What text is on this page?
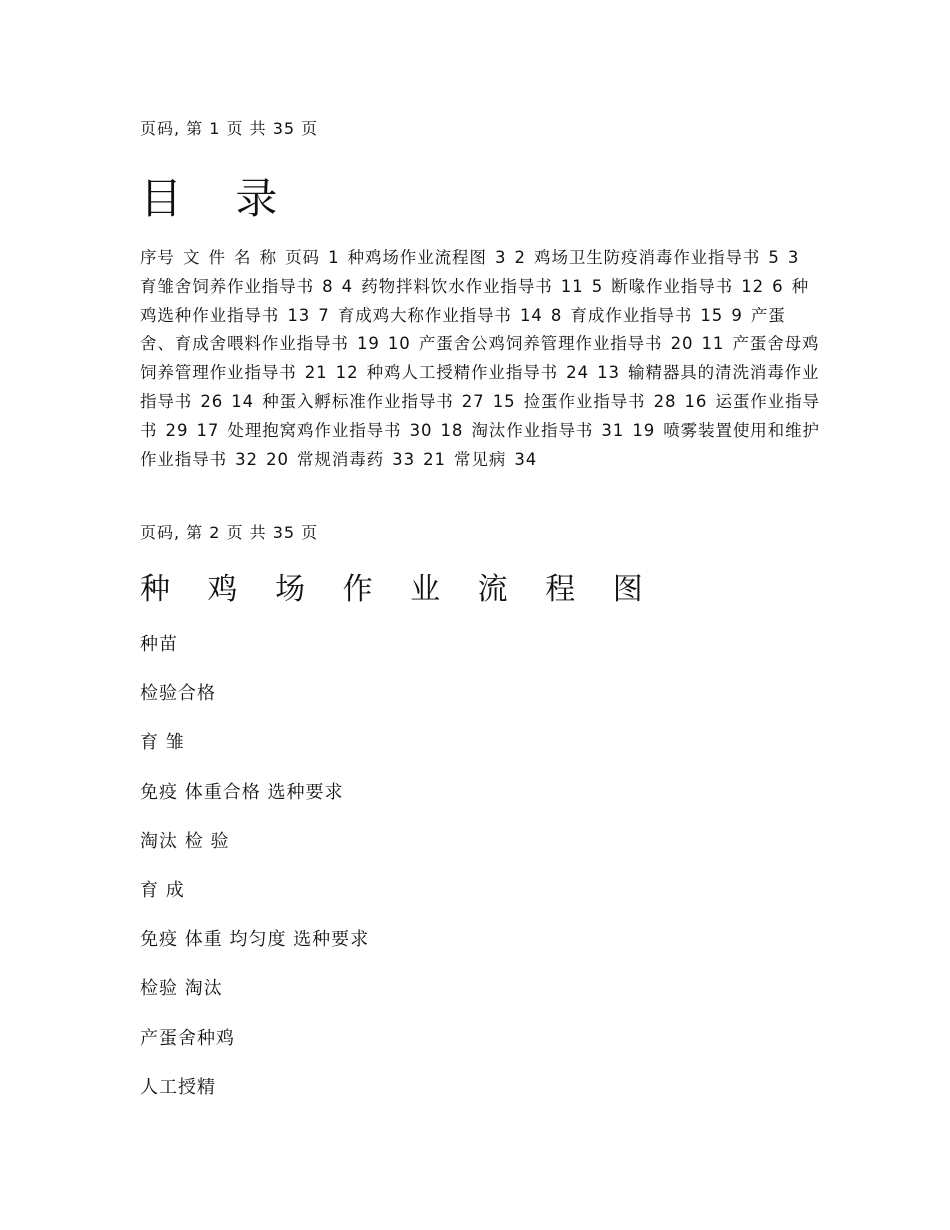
页码, 第 1 页 共 35 页
目 录

序号 文 件 名 称 页码 1 种鸡场作业流程图 3 2 鸡场卫生防疫消毒作业指导书 5 3 育雏舍饲养作业指导书 8 4 药物拌料饮水作业指导书 11 5 断喙作业指导书 12 6 种鸡选种作业指导书 13 7 育成鸡大称作业指导书 14 8 育成作业指导书 15 9 产蛋舍、育成舍喂料作业指导书 19 10 产蛋舍公鸡饲养管理作业指导书 20 11 产蛋舍母鸡饲养管理作业指导书 21 12 种鸡人工授精作业指导书 24 13 输精器具的清洗消毒作业指导书 26 14 种蛋入孵标准作业指导书 27 15 捡蛋作业指导书 28 16 运蛋作业指导书 29 17 处理抱窝鸡作业指导书 30 18 淘汰作业指导书 31 19 喷雾装置使用和维护作业指导书 32 20 常规消毒药 33 21 常见病 34

页码, 第 2 页 共 35 页
种 鸡 场 作 业 流 程 图
种苗
检验合格
育 雏
免疫 体重合格 选种要求
淘汰 检 验
育 成
免疫 体重 均匀度 选种要求
检验 淘汰
产蛋舍种鸡
人工授精
